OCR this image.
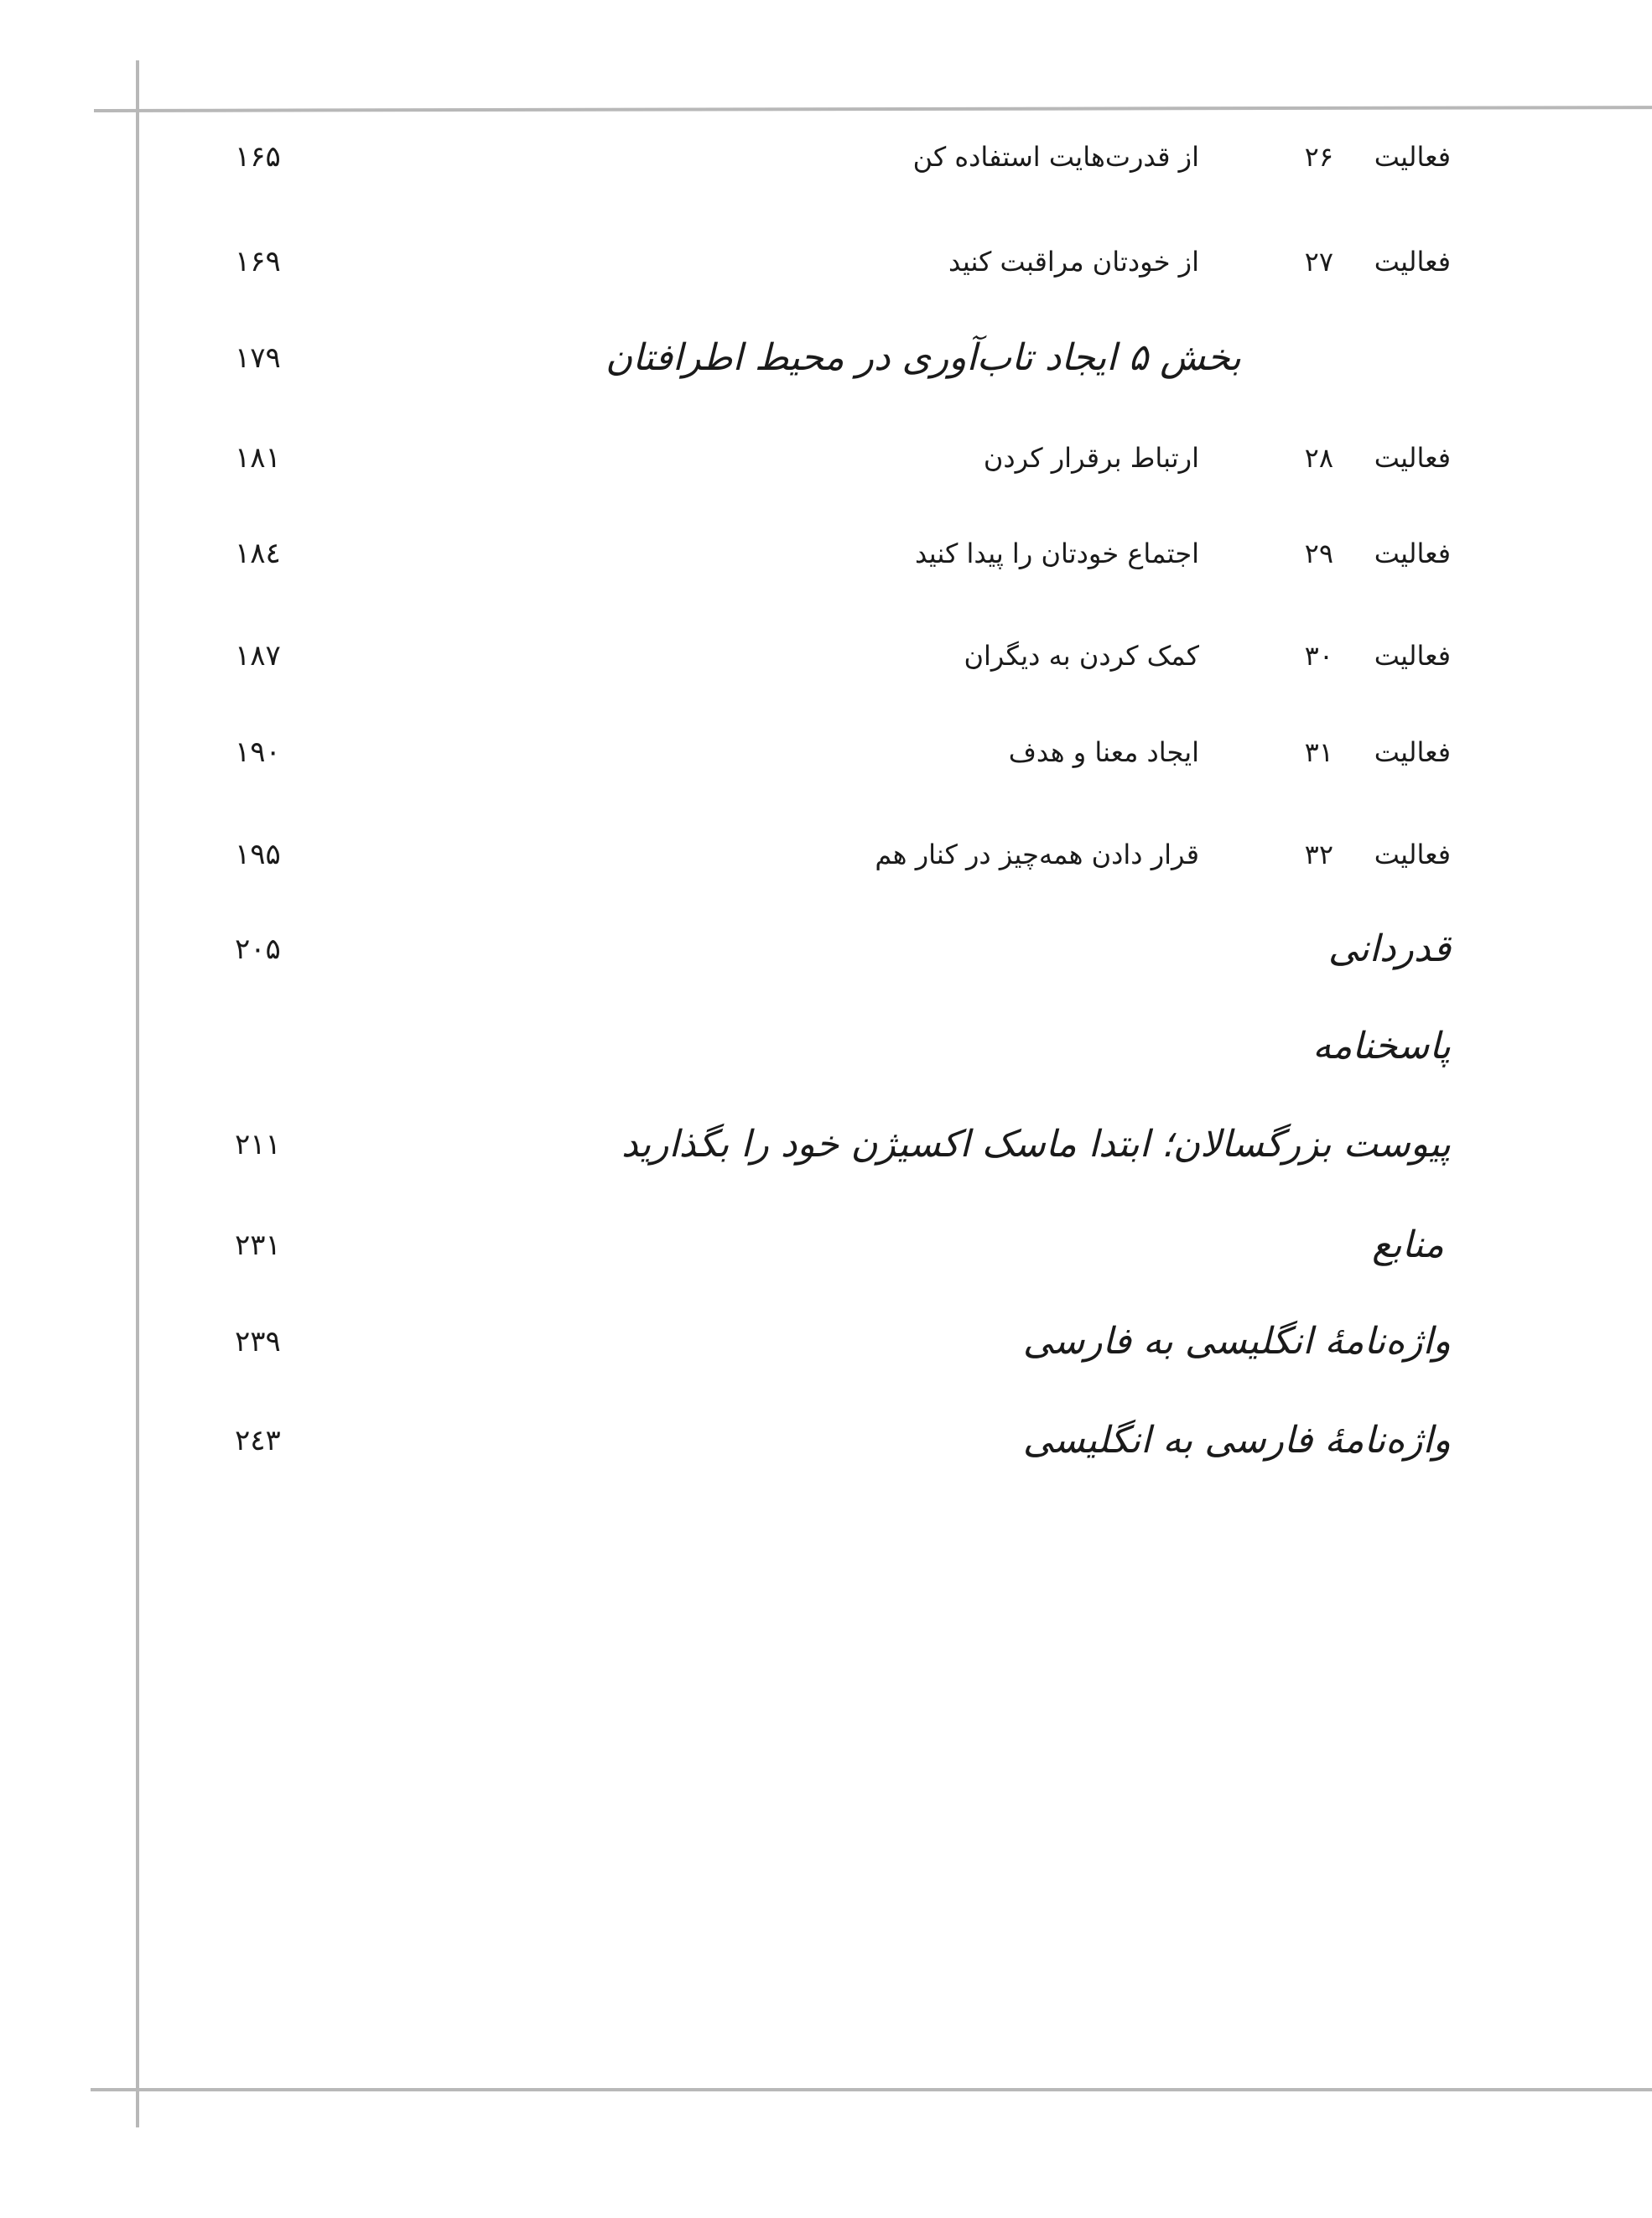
فعالیت
۲۶
از قدرت‌هایت استفاده کن
۱۶۵
فعالیت
۲۷
از خودتان مراقبت کنید
۱۶۹
بخش ۵ ایجاد تاب‌آوری در محیط اطرافتان
۱۷۹
فعالیت
۲۸
ارتباط برقرار کردن
۱۸۱
فعالیت
۲۹
اجتماع خودتان را پیدا کنید
۱۸٤
فعالیت
۳۰
کمک کردن به دیگران
۱۸۷
فعالیت
۳۱
ایجاد معنا و هدف
۱۹۰
فعالیت
۳۲
قرار دادن همه‌چیز در کنار هم
۱۹۵
قدردانی
۲۰۵
پاسخنامه
پیوست بزرگسالان؛ ابتدا ماسک اکسیژن خود را بگذارید
۲۱۱
منابع
۲۳۱
واژه‌نامهٔ انگلیسی به فارسی
۲۳۹
واژه‌نامهٔ فارسی به انگلیسی
۲٤۳
